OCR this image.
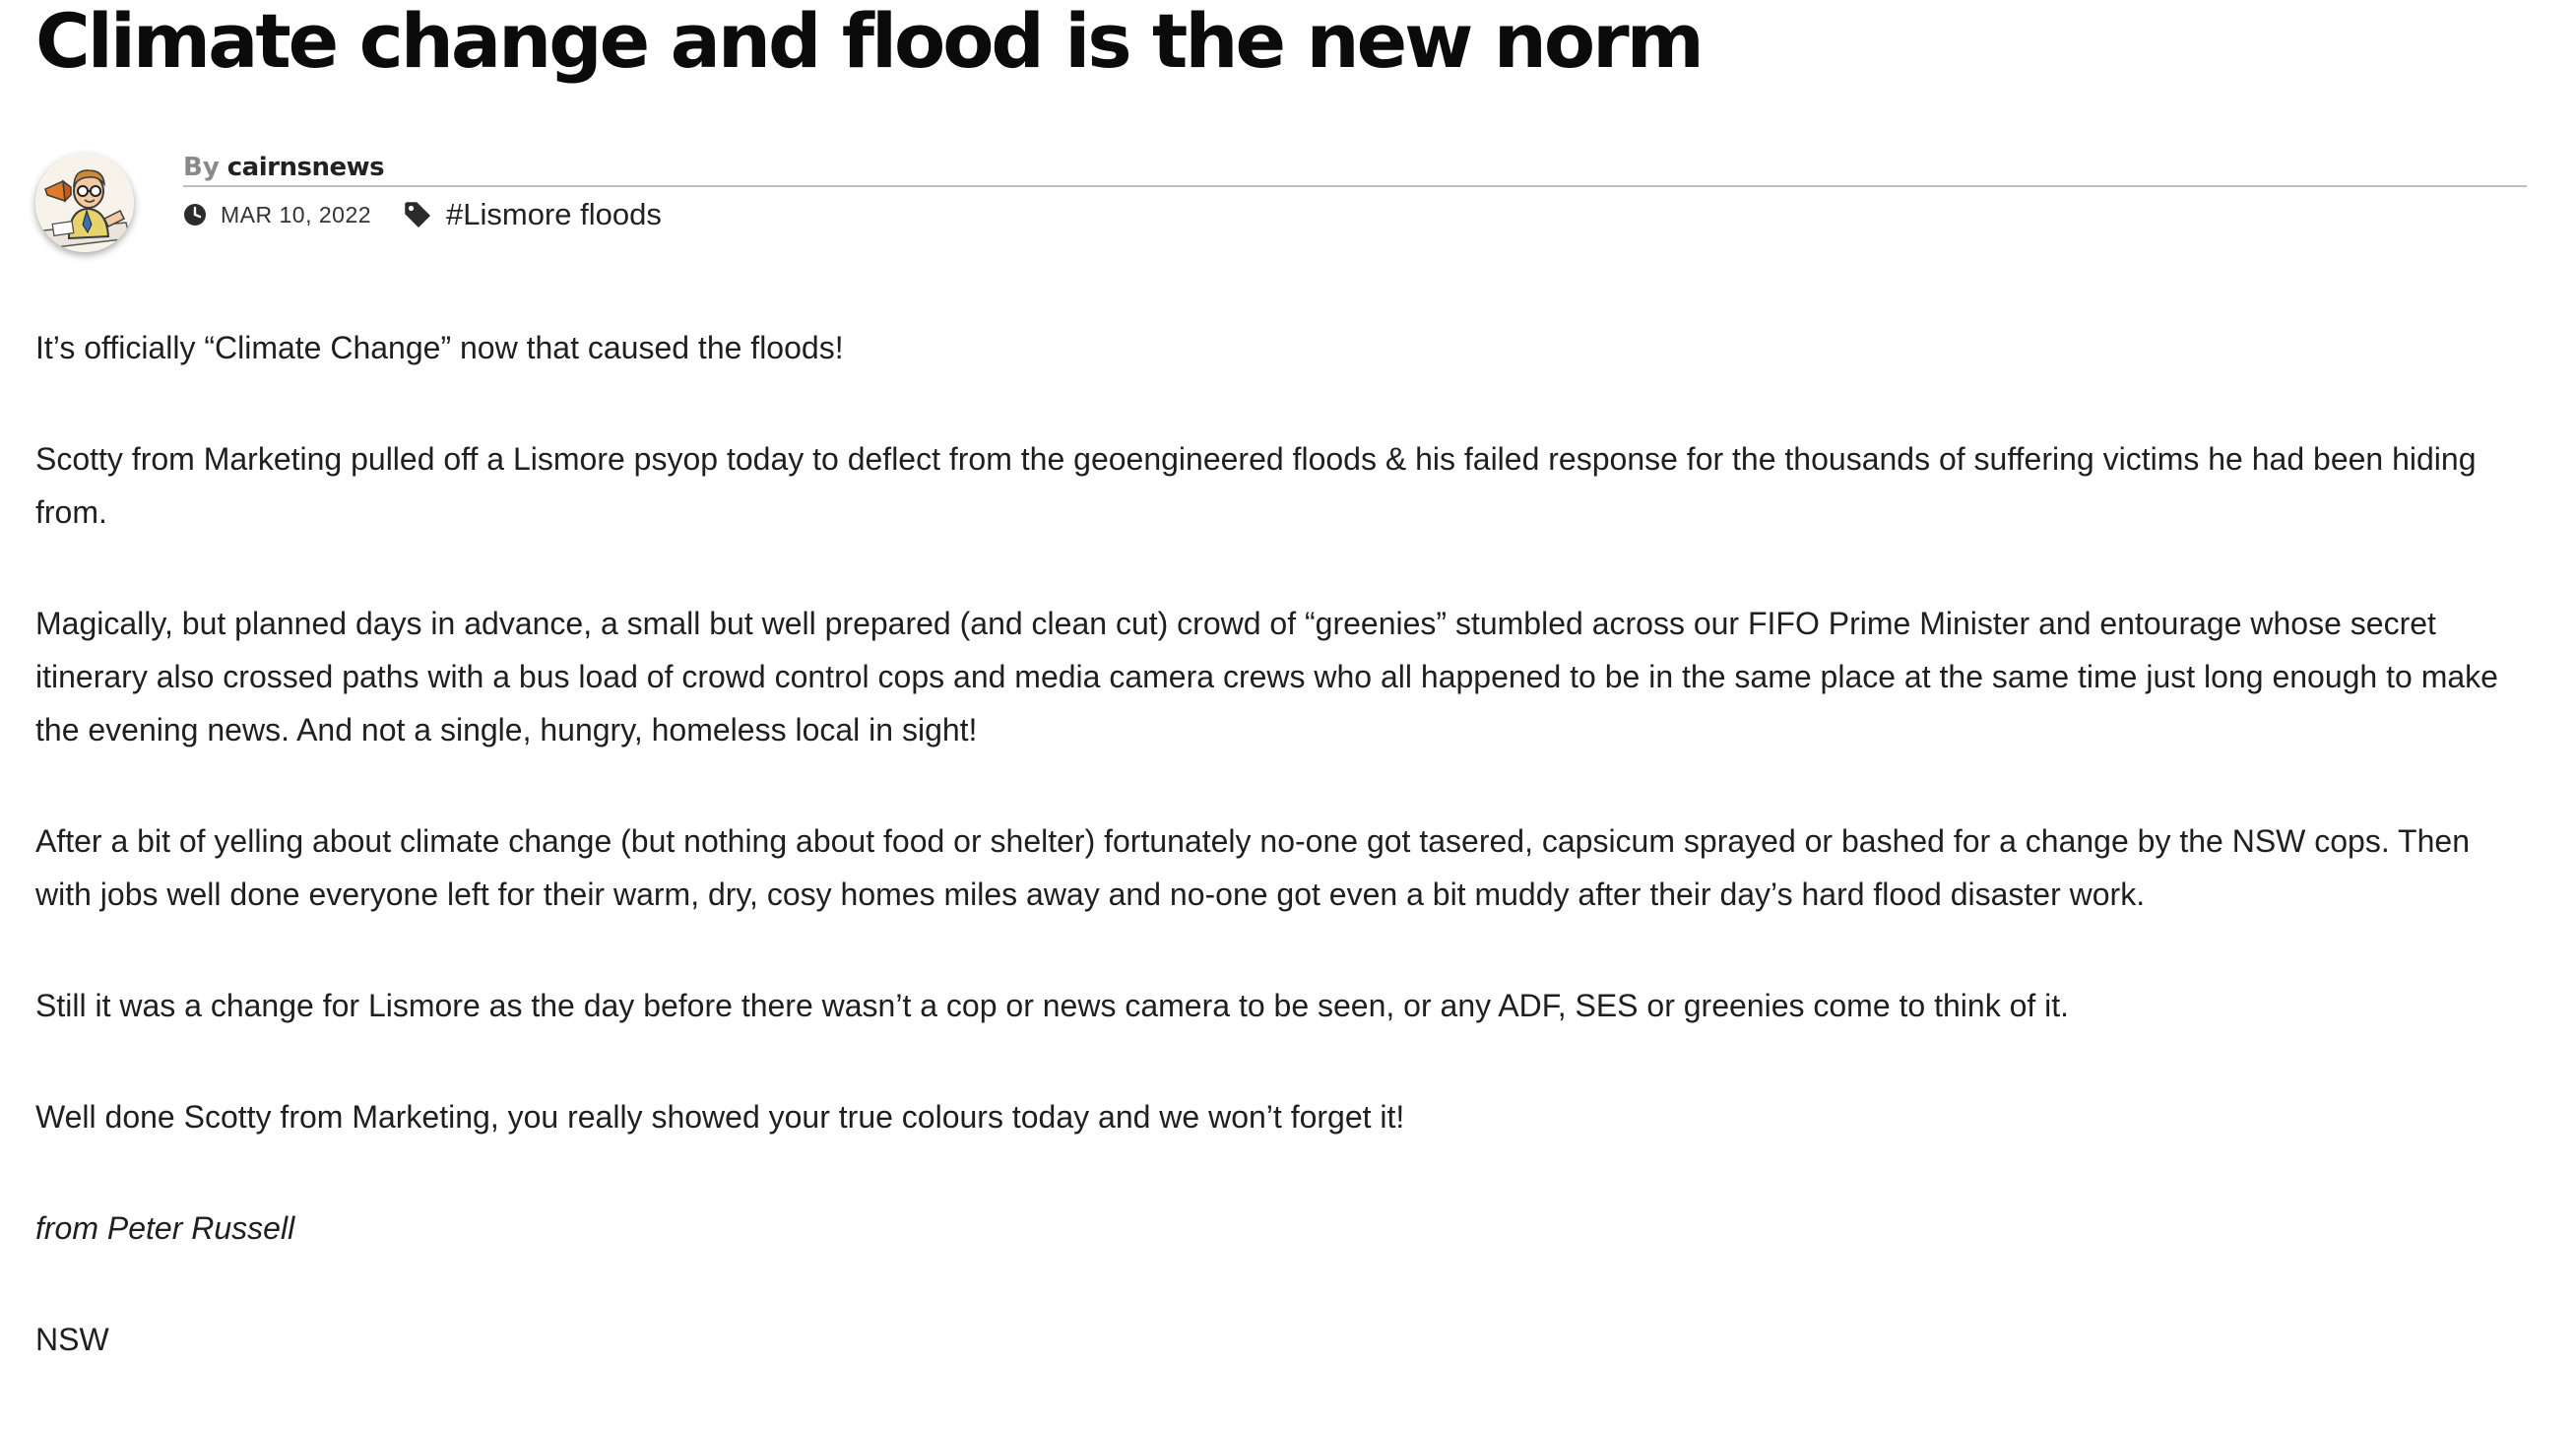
Climate change and flood is the new norm
By cairnsnews
MAR 10, 2022 #Lismore floods

It’s officially “Climate Change” now that caused the floods!

Scotty from Marketing pulled off a Lismore psyop today to deflect from the geoengineered floods & his failed response for the thousands of suffering victims he had been hiding from.

Magically, but planned days in advance, a small but well prepared (and clean cut) crowd of “greenies” stumbled across our FIFO Prime Minister and entourage whose secret itinerary also crossed paths with a bus load of crowd control cops and media camera crews who all happened to be in the same place at the same time just long enough to make the evening news. And not a single, hungry, homeless local in sight!

After a bit of yelling about climate change (but nothing about food or shelter) fortunately no-one got tasered, capsicum sprayed or bashed for a change by the NSW cops. Then with jobs well done everyone left for their warm, dry, cosy homes miles away and no-one got even a bit muddy after their day’s hard flood disaster work.

Still it was a change for Lismore as the day before there wasn’t a cop or news camera to be seen, or any ADF, SES or greenies come to think of it.

Well done Scotty from Marketing, you really showed your true colours today and we won’t forget it!

from Peter Russell

NSW
